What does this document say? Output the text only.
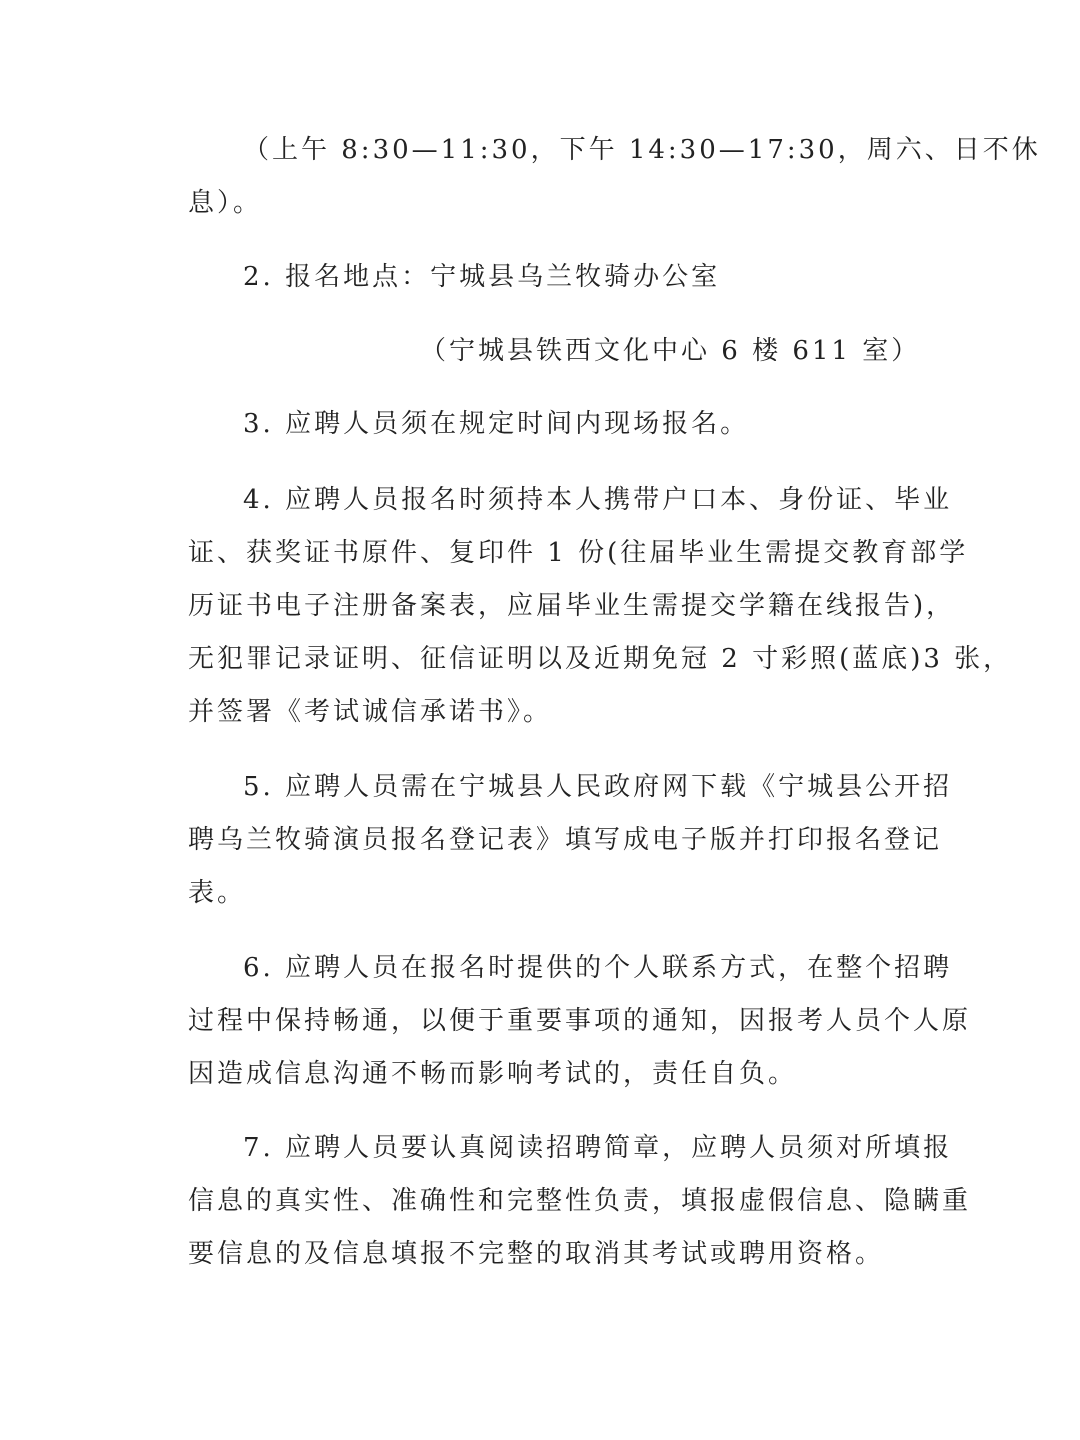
（上午 8:30—11:30，下午 14:30—17:30，周六、日不休
息）。
2. 报名地点：宁城县乌兰牧骑办公室
（宁城县铁西文化中心 6 楼 611 室）
3. 应聘人员须在规定时间内现场报名。
4. 应聘人员报名时须持本人携带户口本、身份证、毕业
证、获奖证书原件、复印件 1 份(往届毕业生需提交教育部学
历证书电子注册备案表，应届毕业生需提交学籍在线报告)，
无犯罪记录证明、征信证明以及近期免冠 2 寸彩照(蓝底)3 张，
并签署《考试诚信承诺书》。
5. 应聘人员需在宁城县人民政府网下载《宁城县公开招
聘乌兰牧骑演员报名登记表》填写成电子版并打印报名登记
表。
6. 应聘人员在报名时提供的个人联系方式，在整个招聘
过程中保持畅通，以便于重要事项的通知，因报考人员个人原
因造成信息沟通不畅而影响考试的，责任自负。
7. 应聘人员要认真阅读招聘简章，应聘人员须对所填报
信息的真实性、准确性和完整性负责，填报虚假信息、隐瞒重
要信息的及信息填报不完整的取消其考试或聘用资格。
